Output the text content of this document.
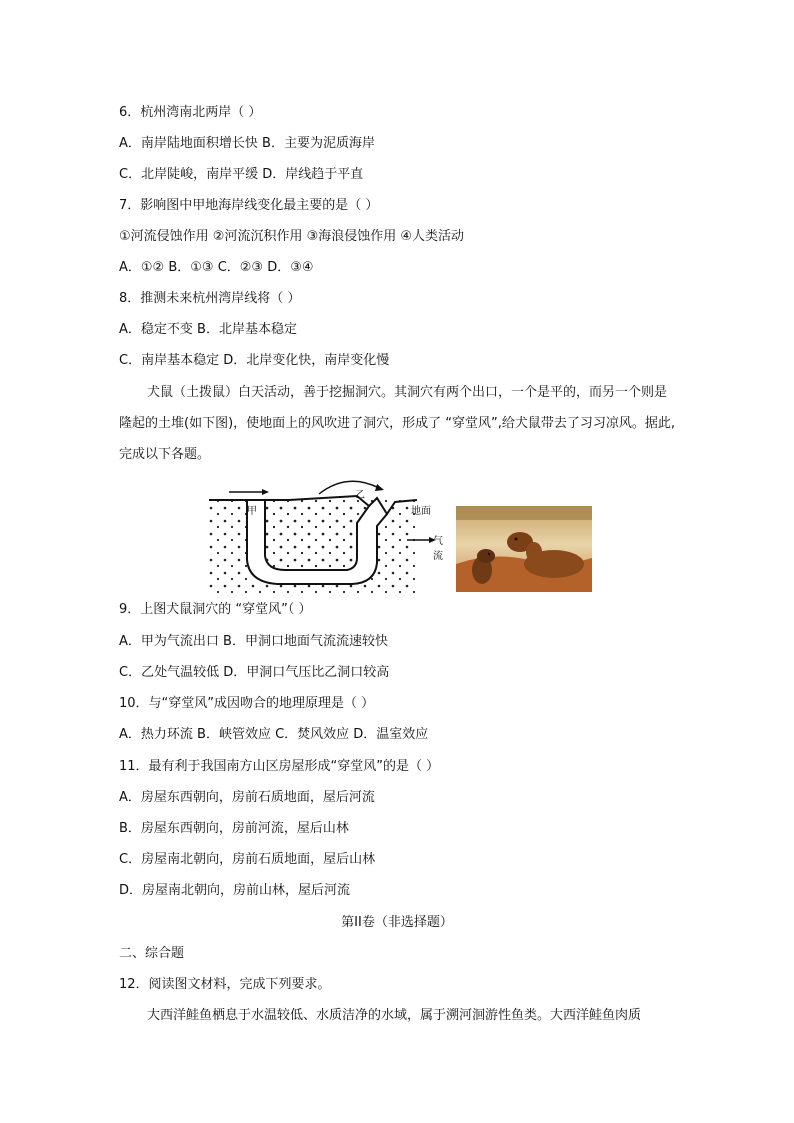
6．杭州湾南北两岸（ ）
A．南岸陆地面积增长快 B．主要为泥质海岸
C．北岸陡峻，南岸平缓 D．岸线趋于平直
7．影响图中甲地海岸线变化最主要的是（ ）
①河流侵蚀作用 ②河流沉积作用 ③海浪侵蚀作用 ④人类活动
A．①② B．①③ C．②③ D．③④
8．推测未来杭州湾岸线将（ ）
A．稳定不变 B．北岸基本稳定
C．南岸基本稳定 D．北岸变化快，南岸变化慢
犬鼠（土拨鼠）白天活动，善于挖掘洞穴。其洞穴有两个出口，一个是平的，而另一个则是隆起的土堆(如下图)，使地面上的风吹进了洞穴，形成了 “穿堂风”,给犬鼠带去了习习凉风。据此,完成以下各题。
甲
乙
地面
气流
9．上图犬鼠洞穴的 “穿堂风”（ ）
A．甲为气流出口 B．甲洞口地面气流流速较快
C．乙处气温较低 D．甲洞口气压比乙洞口较高
10．与“穿堂风”成因吻合的地理原理是（ ）
A．热力环流 B．峡管效应 C．焚风效应 D．温室效应
11．最有利于我国南方山区房屋形成“穿堂风”的是（ ）
A．房屋东西朝向，房前石质地面，屋后河流
B．房屋东西朝向，房前河流，屋后山林
C．房屋南北朝向，房前石质地面，屋后山林
D．房屋南北朝向，房前山林，屋后河流
第II卷（非选择题）
二、综合题
12．阅读图文材料，完成下列要求。
大西洋鲑鱼栖息于水温较低、水质洁净的水域，属于溯河洄游性鱼类。大西洋鲑鱼肉质
